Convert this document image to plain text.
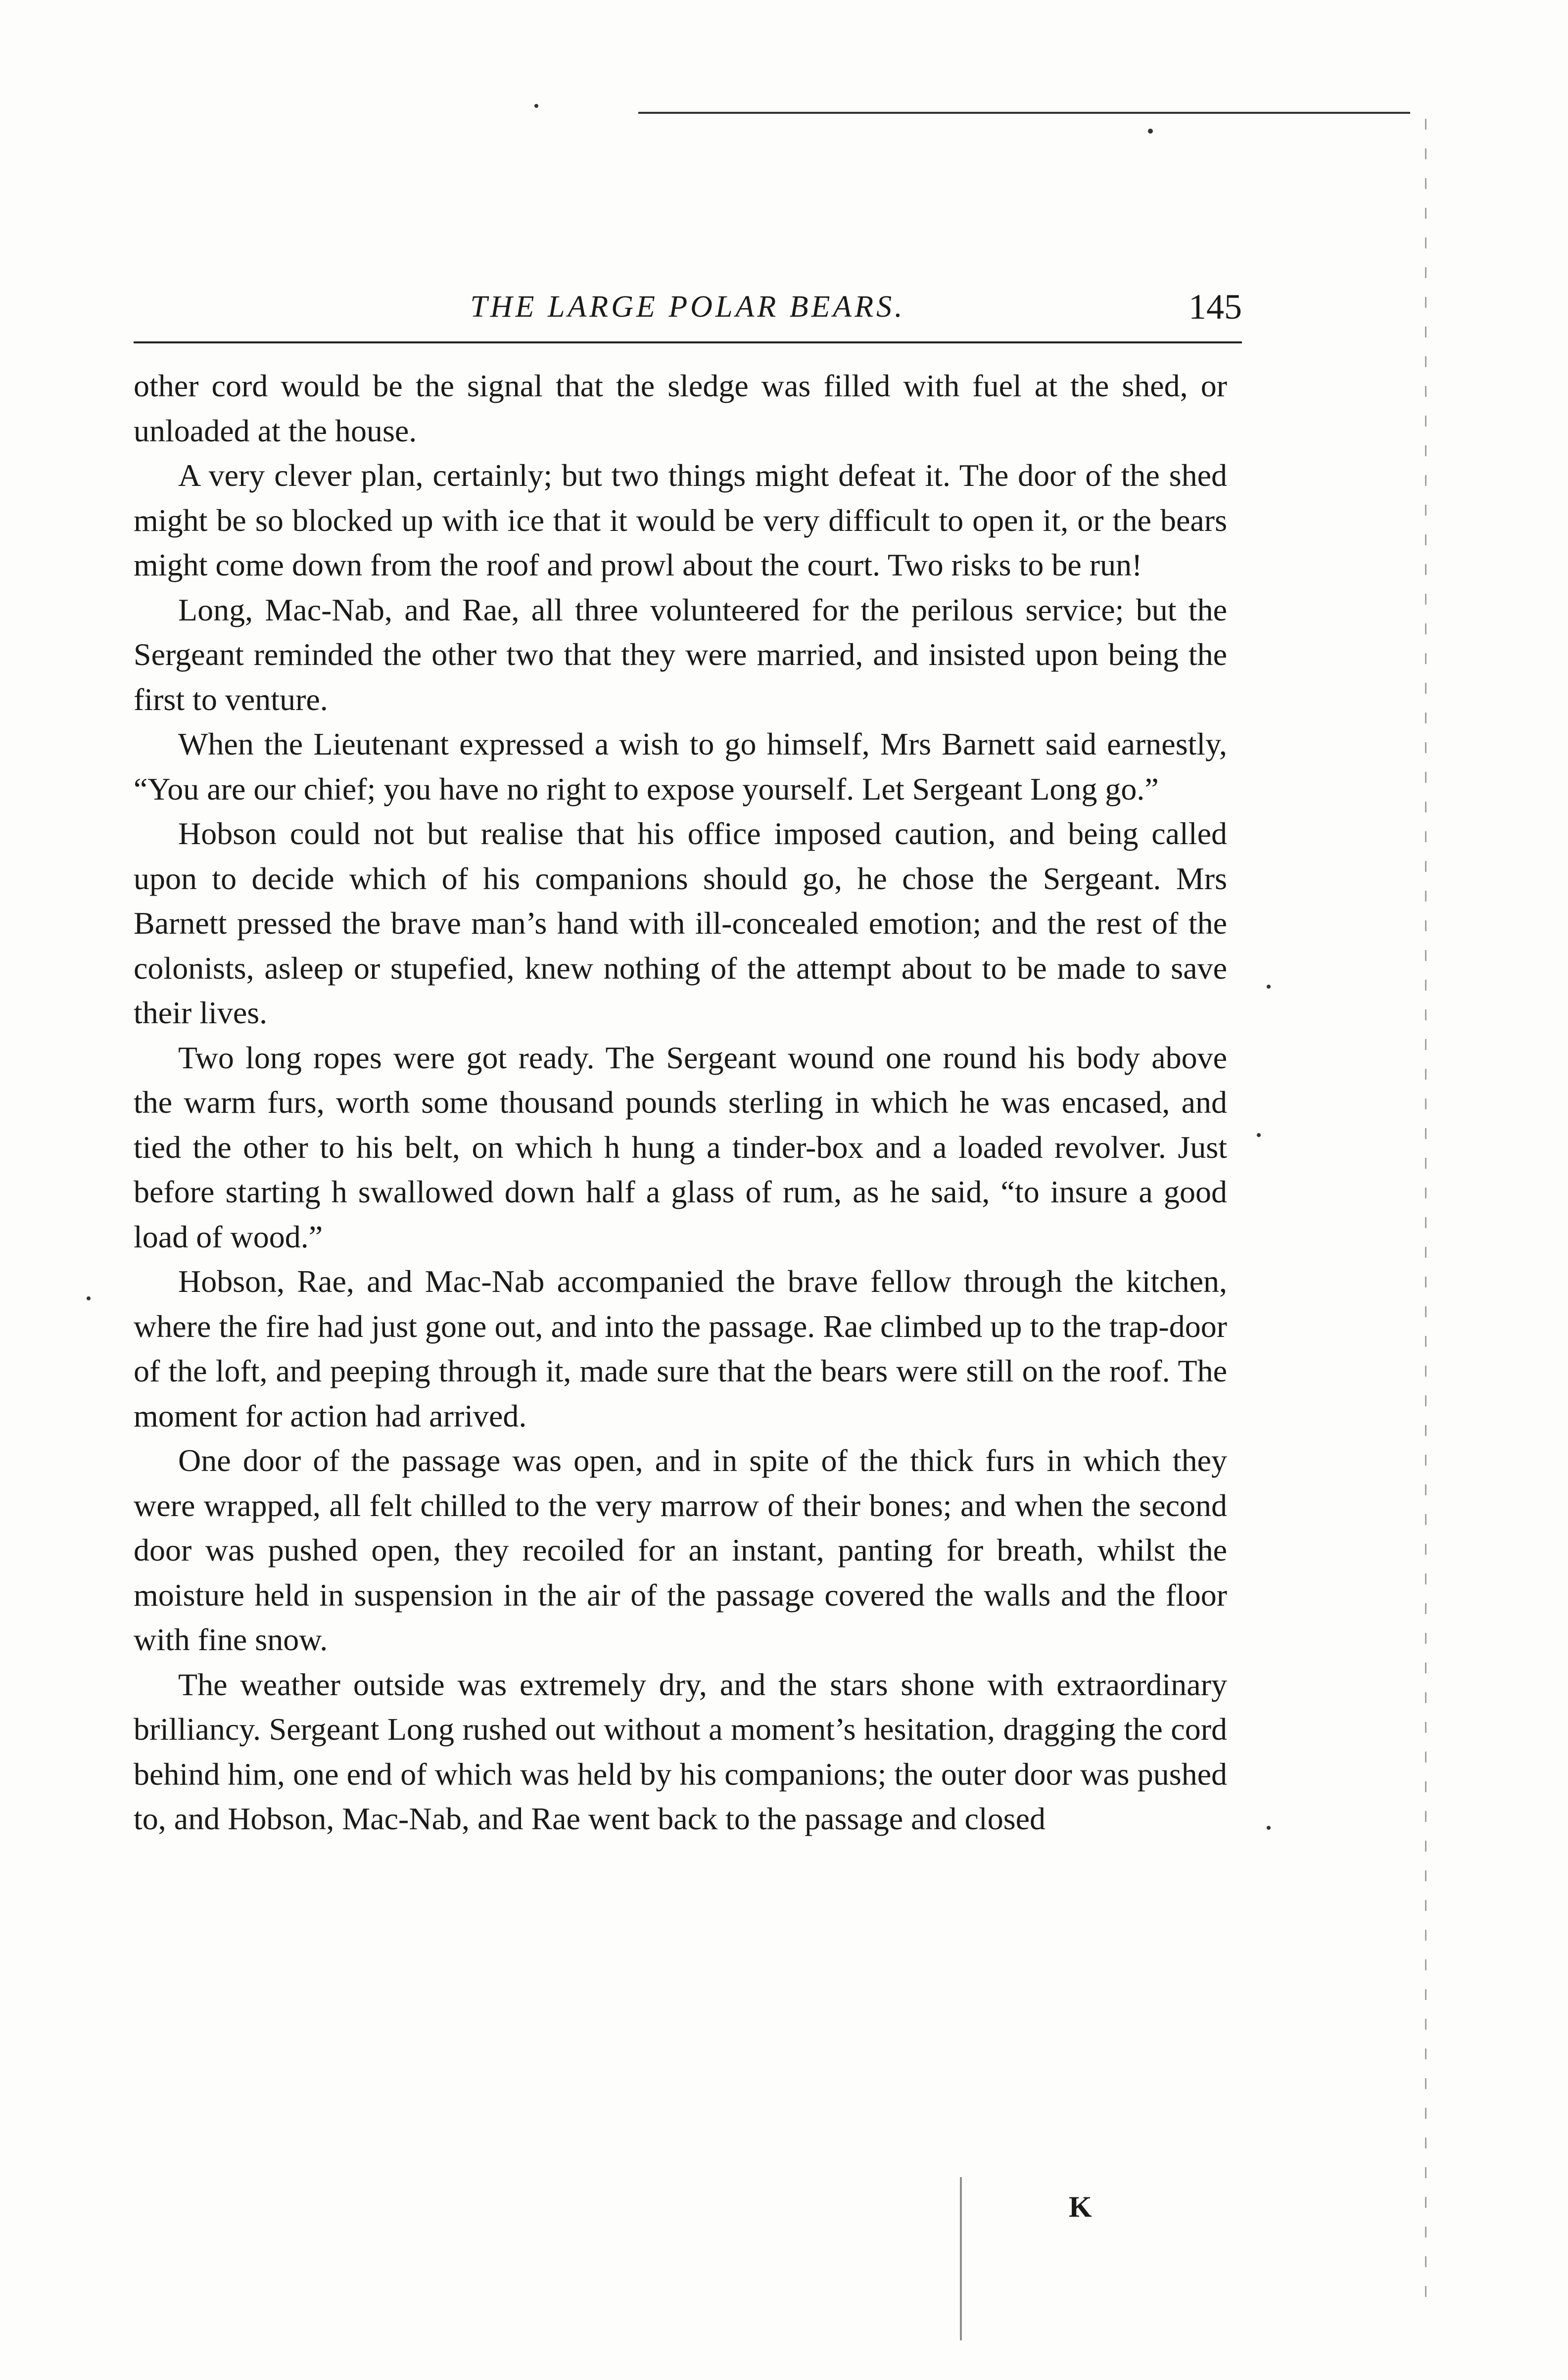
THE LARGE POLAR BEARS.	145

other cord would be the signal that the sledge was filled with fuel at the shed, or unloaded at the house.

A very clever plan, certainly; but two things might defeat it. The door of the shed might be so blocked up with ice that it would be very difficult to open it, or the bears might come down from the roof and prowl about the court. Two risks to be run!

Long, Mac-Nab, and Rae, all three volunteered for the perilous service; but the Sergeant reminded the other two that they were married, and insisted upon being the first to venture.

When the Lieutenant expressed a wish to go himself, Mrs Barnett said earnestly, “You are our chief; you have no right to expose yourself. Let Sergeant Long go.”

Hobson could not but realise that his office imposed caution, and being called upon to decide which of his companions should go, he chose the Sergeant. Mrs Barnett pressed the brave man’s hand with ill-concealed emotion; and the rest of the colonists, asleep or stupefied, knew nothing of the attempt about to be made to save their lives.

Two long ropes were got ready. The Sergeant wound one round his body above the warm furs, worth some thousand pounds sterling in which he was encased, and tied the other to his belt, on which h hung a tinder-box and a loaded revolver. Just before starting h swallowed down half a glass of rum, as he said, “to insure a good load of wood.”

Hobson, Rae, and Mac-Nab accompanied the brave fellow through the kitchen, where the fire had just gone out, and into the passage. Rae climbed up to the trap-door of the loft, and peeping through it, made sure that the bears were still on the roof. The moment for action had arrived.

One door of the passage was open, and in spite of the thick furs in which they were wrapped, all felt chilled to the very marrow of their bones; and when the second door was pushed open, they recoiled for an instant, panting for breath, whilst the moisture held in suspension in the air of the passage covered the walls and the floor with fine snow.

The weather outside was extremely dry, and the stars shone with extraordinary brilliancy. Sergeant Long rushed out without a moment’s hesitation, dragging the cord behind him, one end of which was held by his companions; the outer door was pushed to, and Hobson, Mac-Nab, and Rae went back to the passage and closed

K
